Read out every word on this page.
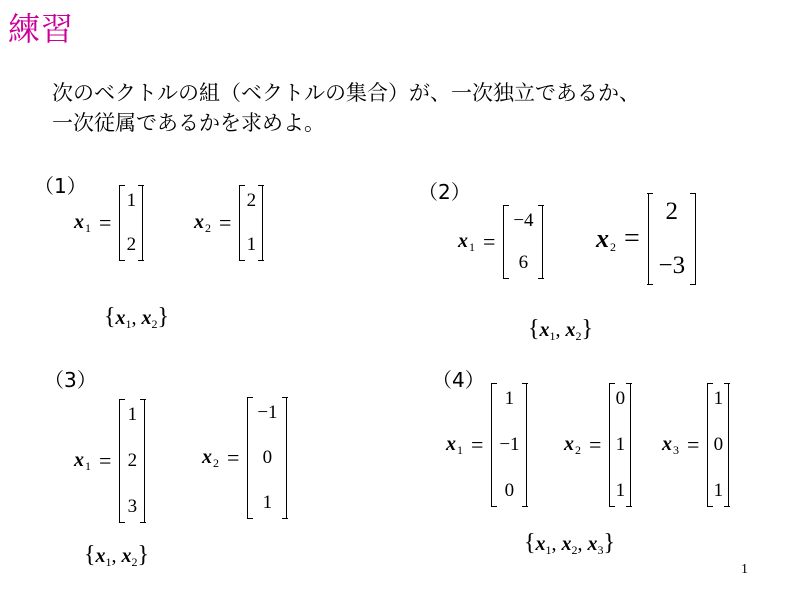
練習
次のベクトルの組（ベクトルの集合）が、一次独立であるか、
一次従属であるかを求めよ。
（1）
$x_1$ =
1
2
$x_2$ =
2
1
{$x_1$, $x_2$}
（2）
$x_1$ =
−4
6
$x_2$ =
2
−3
{$x_1$, $x_2$}
（3）
$x_1$ =
1
2
3
$x_2$ =
−1
0
1
{$x_1$, $x_2$}
（4）
$x_1$ =
1
−1
0
$x_2$ =
0
1
1
$x_3$ =
1
0
1
{$x_1$, $x_2$, $x_3$}
1
